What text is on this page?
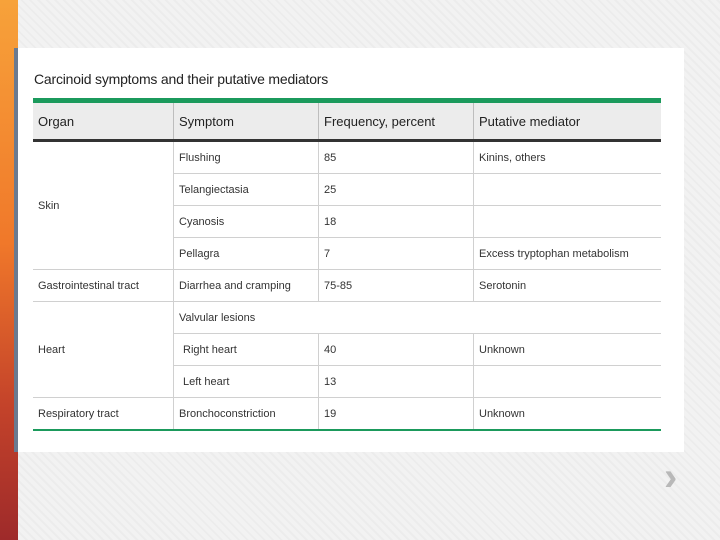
Carcinoid symptoms and their putative mediators
Organ	Symptom	Frequency, percent	Putative mediator
Skin	Flushing	85	Kinins, others
	Telangiectasia	25	
	Cyanosis	18	
	Pellagra	7	Excess tryptophan metabolism
Gastrointestinal tract	Diarrhea and cramping	75-85	Serotonin
Heart	Valvular lesions		
	Right heart	40	Unknown
	Left heart	13	
Respiratory tract	Bronchoconstriction	19	Unknown
›
